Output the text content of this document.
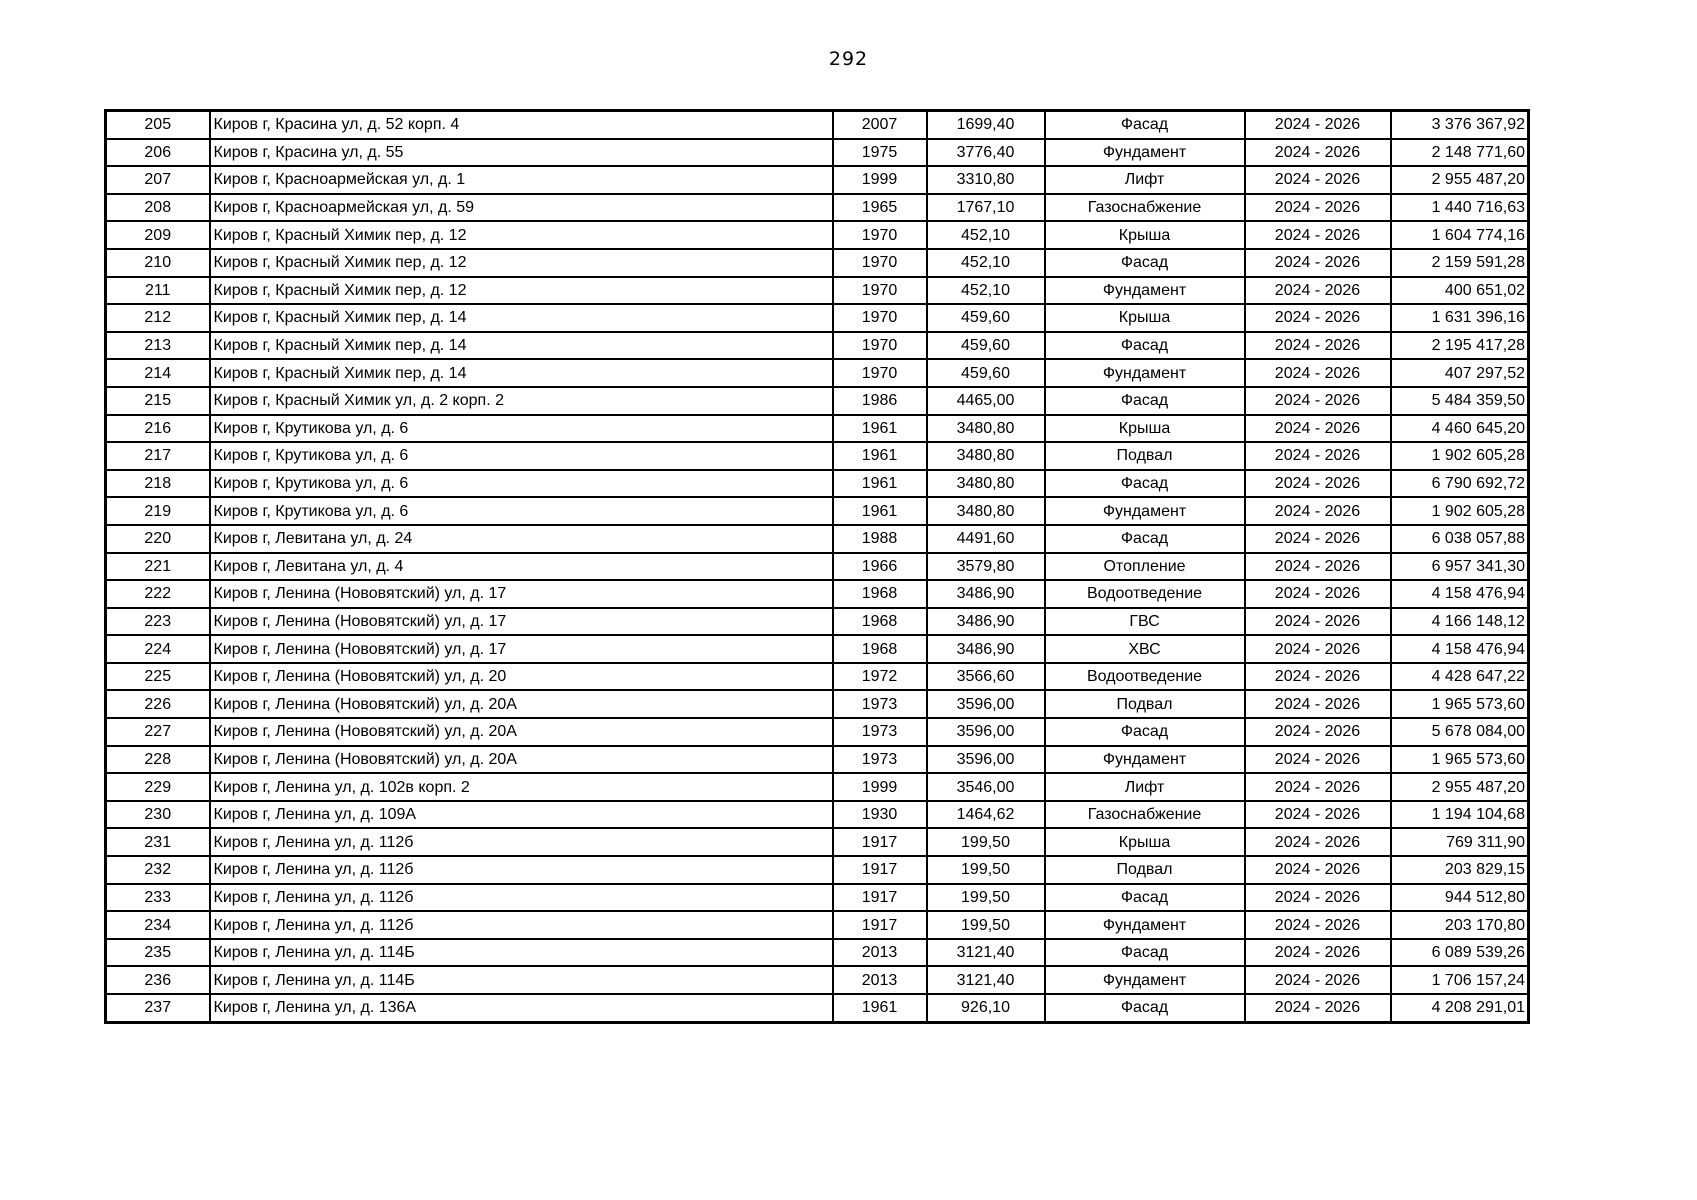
292
205	Киров г, Красина ул, д. 52 корп. 4	2007	1699,40	Фасад	2024 - 2026	3 376 367,92
206	Киров г, Красина ул, д. 55	1975	3776,40	Фундамент	2024 - 2026	2 148 771,60
207	Киров г, Красноармейская ул, д. 1	1999	3310,80	Лифт	2024 - 2026	2 955 487,20
208	Киров г, Красноармейская ул, д. 59	1965	1767,10	Газоснабжение	2024 - 2026	1 440 716,63
209	Киров г, Красный Химик пер, д. 12	1970	452,10	Крыша	2024 - 2026	1 604 774,16
210	Киров г, Красный Химик пер, д. 12	1970	452,10	Фасад	2024 - 2026	2 159 591,28
211	Киров г, Красный Химик пер, д. 12	1970	452,10	Фундамент	2024 - 2026	400 651,02
212	Киров г, Красный Химик пер, д. 14	1970	459,60	Крыша	2024 - 2026	1 631 396,16
213	Киров г, Красный Химик пер, д. 14	1970	459,60	Фасад	2024 - 2026	2 195 417,28
214	Киров г, Красный Химик пер, д. 14	1970	459,60	Фундамент	2024 - 2026	407 297,52
215	Киров г, Красный Химик ул, д. 2 корп. 2	1986	4465,00	Фасад	2024 - 2026	5 484 359,50
216	Киров г, Крутикова ул, д. 6	1961	3480,80	Крыша	2024 - 2026	4 460 645,20
217	Киров г, Крутикова ул, д. 6	1961	3480,80	Подвал	2024 - 2026	1 902 605,28
218	Киров г, Крутикова ул, д. 6	1961	3480,80	Фасад	2024 - 2026	6 790 692,72
219	Киров г, Крутикова ул, д. 6	1961	3480,80	Фундамент	2024 - 2026	1 902 605,28
220	Киров г, Левитана ул, д. 24	1988	4491,60	Фасад	2024 - 2026	6 038 057,88
221	Киров г, Левитана ул, д. 4	1966	3579,80	Отопление	2024 - 2026	6 957 341,30
222	Киров г, Ленина (Нововятский) ул, д. 17	1968	3486,90	Водоотведение	2024 - 2026	4 158 476,94
223	Киров г, Ленина (Нововятский) ул, д. 17	1968	3486,90	ГВС	2024 - 2026	4 166 148,12
224	Киров г, Ленина (Нововятский) ул, д. 17	1968	3486,90	ХВС	2024 - 2026	4 158 476,94
225	Киров г, Ленина (Нововятский) ул, д. 20	1972	3566,60	Водоотведение	2024 - 2026	4 428 647,22
226	Киров г, Ленина (Нововятский) ул, д. 20А	1973	3596,00	Подвал	2024 - 2026	1 965 573,60
227	Киров г, Ленина (Нововятский) ул, д. 20А	1973	3596,00	Фасад	2024 - 2026	5 678 084,00
228	Киров г, Ленина (Нововятский) ул, д. 20А	1973	3596,00	Фундамент	2024 - 2026	1 965 573,60
229	Киров г, Ленина ул, д. 102в корп. 2	1999	3546,00	Лифт	2024 - 2026	2 955 487,20
230	Киров г, Ленина ул, д. 109А	1930	1464,62	Газоснабжение	2024 - 2026	1 194 104,68
231	Киров г, Ленина ул, д. 112б	1917	199,50	Крыша	2024 - 2026	769 311,90
232	Киров г, Ленина ул, д. 112б	1917	199,50	Подвал	2024 - 2026	203 829,15
233	Киров г, Ленина ул, д. 112б	1917	199,50	Фасад	2024 - 2026	944 512,80
234	Киров г, Ленина ул, д. 112б	1917	199,50	Фундамент	2024 - 2026	203 170,80
235	Киров г, Ленина ул, д. 114Б	2013	3121,40	Фасад	2024 - 2026	6 089 539,26
236	Киров г, Ленина ул, д. 114Б	2013	3121,40	Фундамент	2024 - 2026	1 706 157,24
237	Киров г, Ленина ул, д. 136А	1961	926,10	Фасад	2024 - 2026	4 208 291,01
